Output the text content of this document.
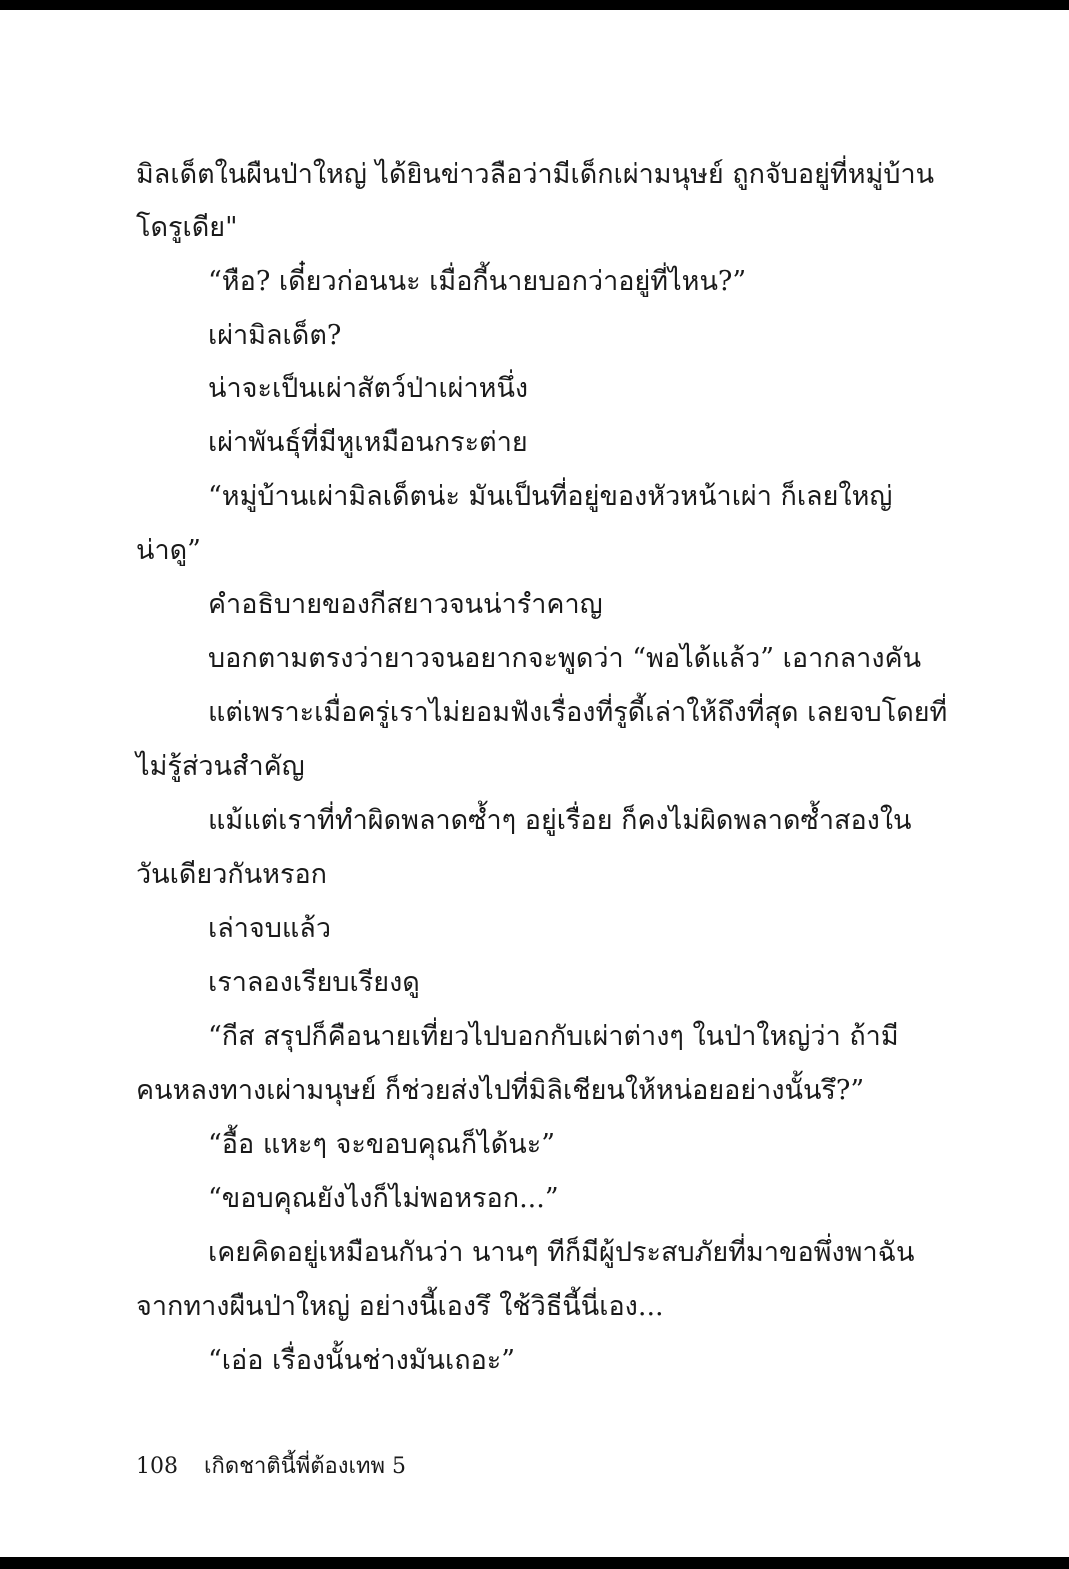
มิลเด็ตในผืนป่าใหญ่ ได้ยินข่าวลือว่ามีเด็กเผ่ามนุษย์ ถูกจับอยู่ที่หมู่บ้าน
โดรูเดีย"
“หือ? เดี๋ยวก่อนนะ เมื่อกี้นายบอกว่าอยู่ที่ไหน?”
เผ่ามิลเด็ต?
น่าจะเป็นเผ่าสัตว์ป่าเผ่าหนึ่ง
เผ่าพันธุ์ที่มีหูเหมือนกระต่าย
“หมู่บ้านเผ่ามิลเด็ตน่ะ มันเป็นที่อยู่ของหัวหน้าเผ่า ก็เลยใหญ่
น่าดู”
คำอธิบายของกีสยาวจนน่ารำคาญ
บอกตามตรงว่ายาวจนอยากจะพูดว่า “พอได้แล้ว” เอากลางคัน
แต่เพราะเมื่อครู่เราไม่ยอมฟังเรื่องที่รูดี้เล่าให้ถึงที่สุด เลยจบโดยที่
ไม่รู้ส่วนสำคัญ
แม้แต่เราที่ทำผิดพลาดซ้ำๆ อยู่เรื่อย ก็คงไม่ผิดพลาดซ้ำสองใน
วันเดียวกันหรอก
เล่าจบแล้ว
เราลองเรียบเรียงดู
“กีส สรุปก็คือนายเที่ยวไปบอกกับเผ่าต่างๆ ในป่าใหญ่ว่า ถ้ามี
คนหลงทางเผ่ามนุษย์ ก็ช่วยส่งไปที่มิลิเชียนให้หน่อยอย่างนั้นรึ?”
“อื้อ แหะๆ จะขอบคุณก็ได้นะ”
“ขอบคุณยังไงก็ไม่พอหรอก...”
เคยคิดอยู่เหมือนกันว่า นานๆ ทีก็มีผู้ประสบภัยที่มาขอพึ่งพาฉัน
จากทางผืนป่าใหญ่ อย่างนี้เองรึ ใช้วิธีนี้นี่เอง...
“เอ่อ เรื่องนั้นช่างมันเถอะ”
108 เกิดชาตินี้พี่ต้องเทพ 5
